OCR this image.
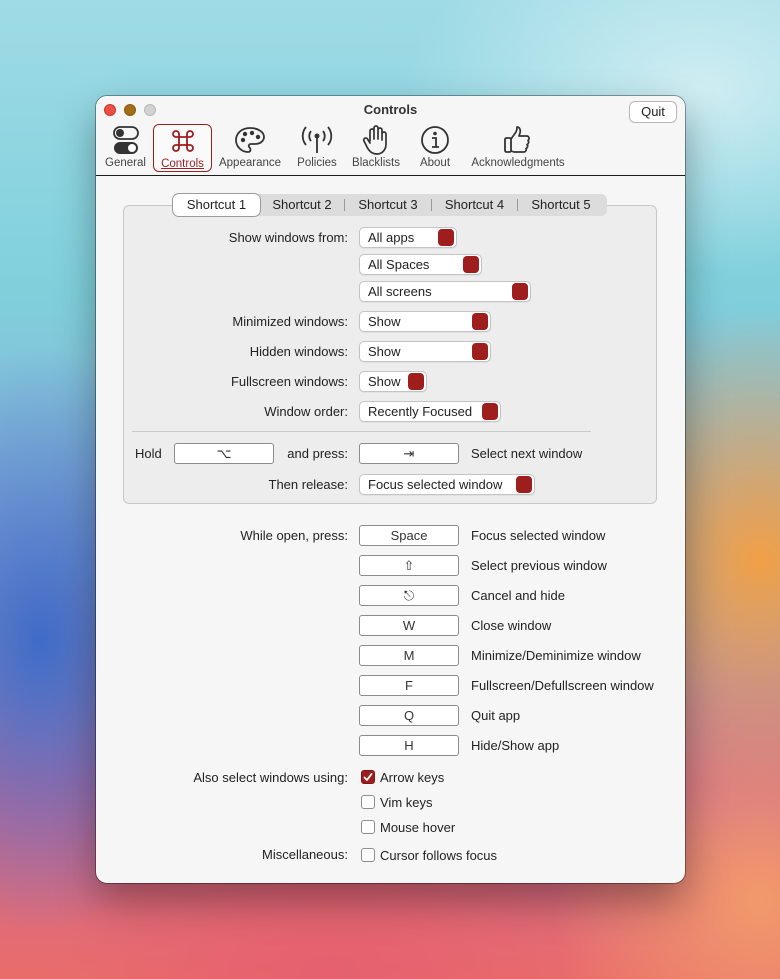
Controls	Quit
General	Controls	Appearance Policies	Blacklists	About Acknowledgments
Shortcut 1	Shortcut 2	Shortcut 3	Shortcut 4	Shortcut 5
Show windows from:	All apps
All Spaces
All screens
Minimized windows:	Show
Hidden windows:	Show
Fullscreen windows:	Show
Window order:	Recently Focused
Hold	⌥	and press:	⇥	Select next window
Then release:	Focus selected window
While open, press:	Space	Focus selected window
⇧	Select previous window
⎋	Cancel and hide
W	Close window
M	Minimize/Deminimize window
F	Fullscreen/Defullscreen window
Q	Quit app
H	Hide/Show app
Also select windows using: Arrow keys
Vim keys
Mouse hover
Miscellaneous: Cursor follows focus
